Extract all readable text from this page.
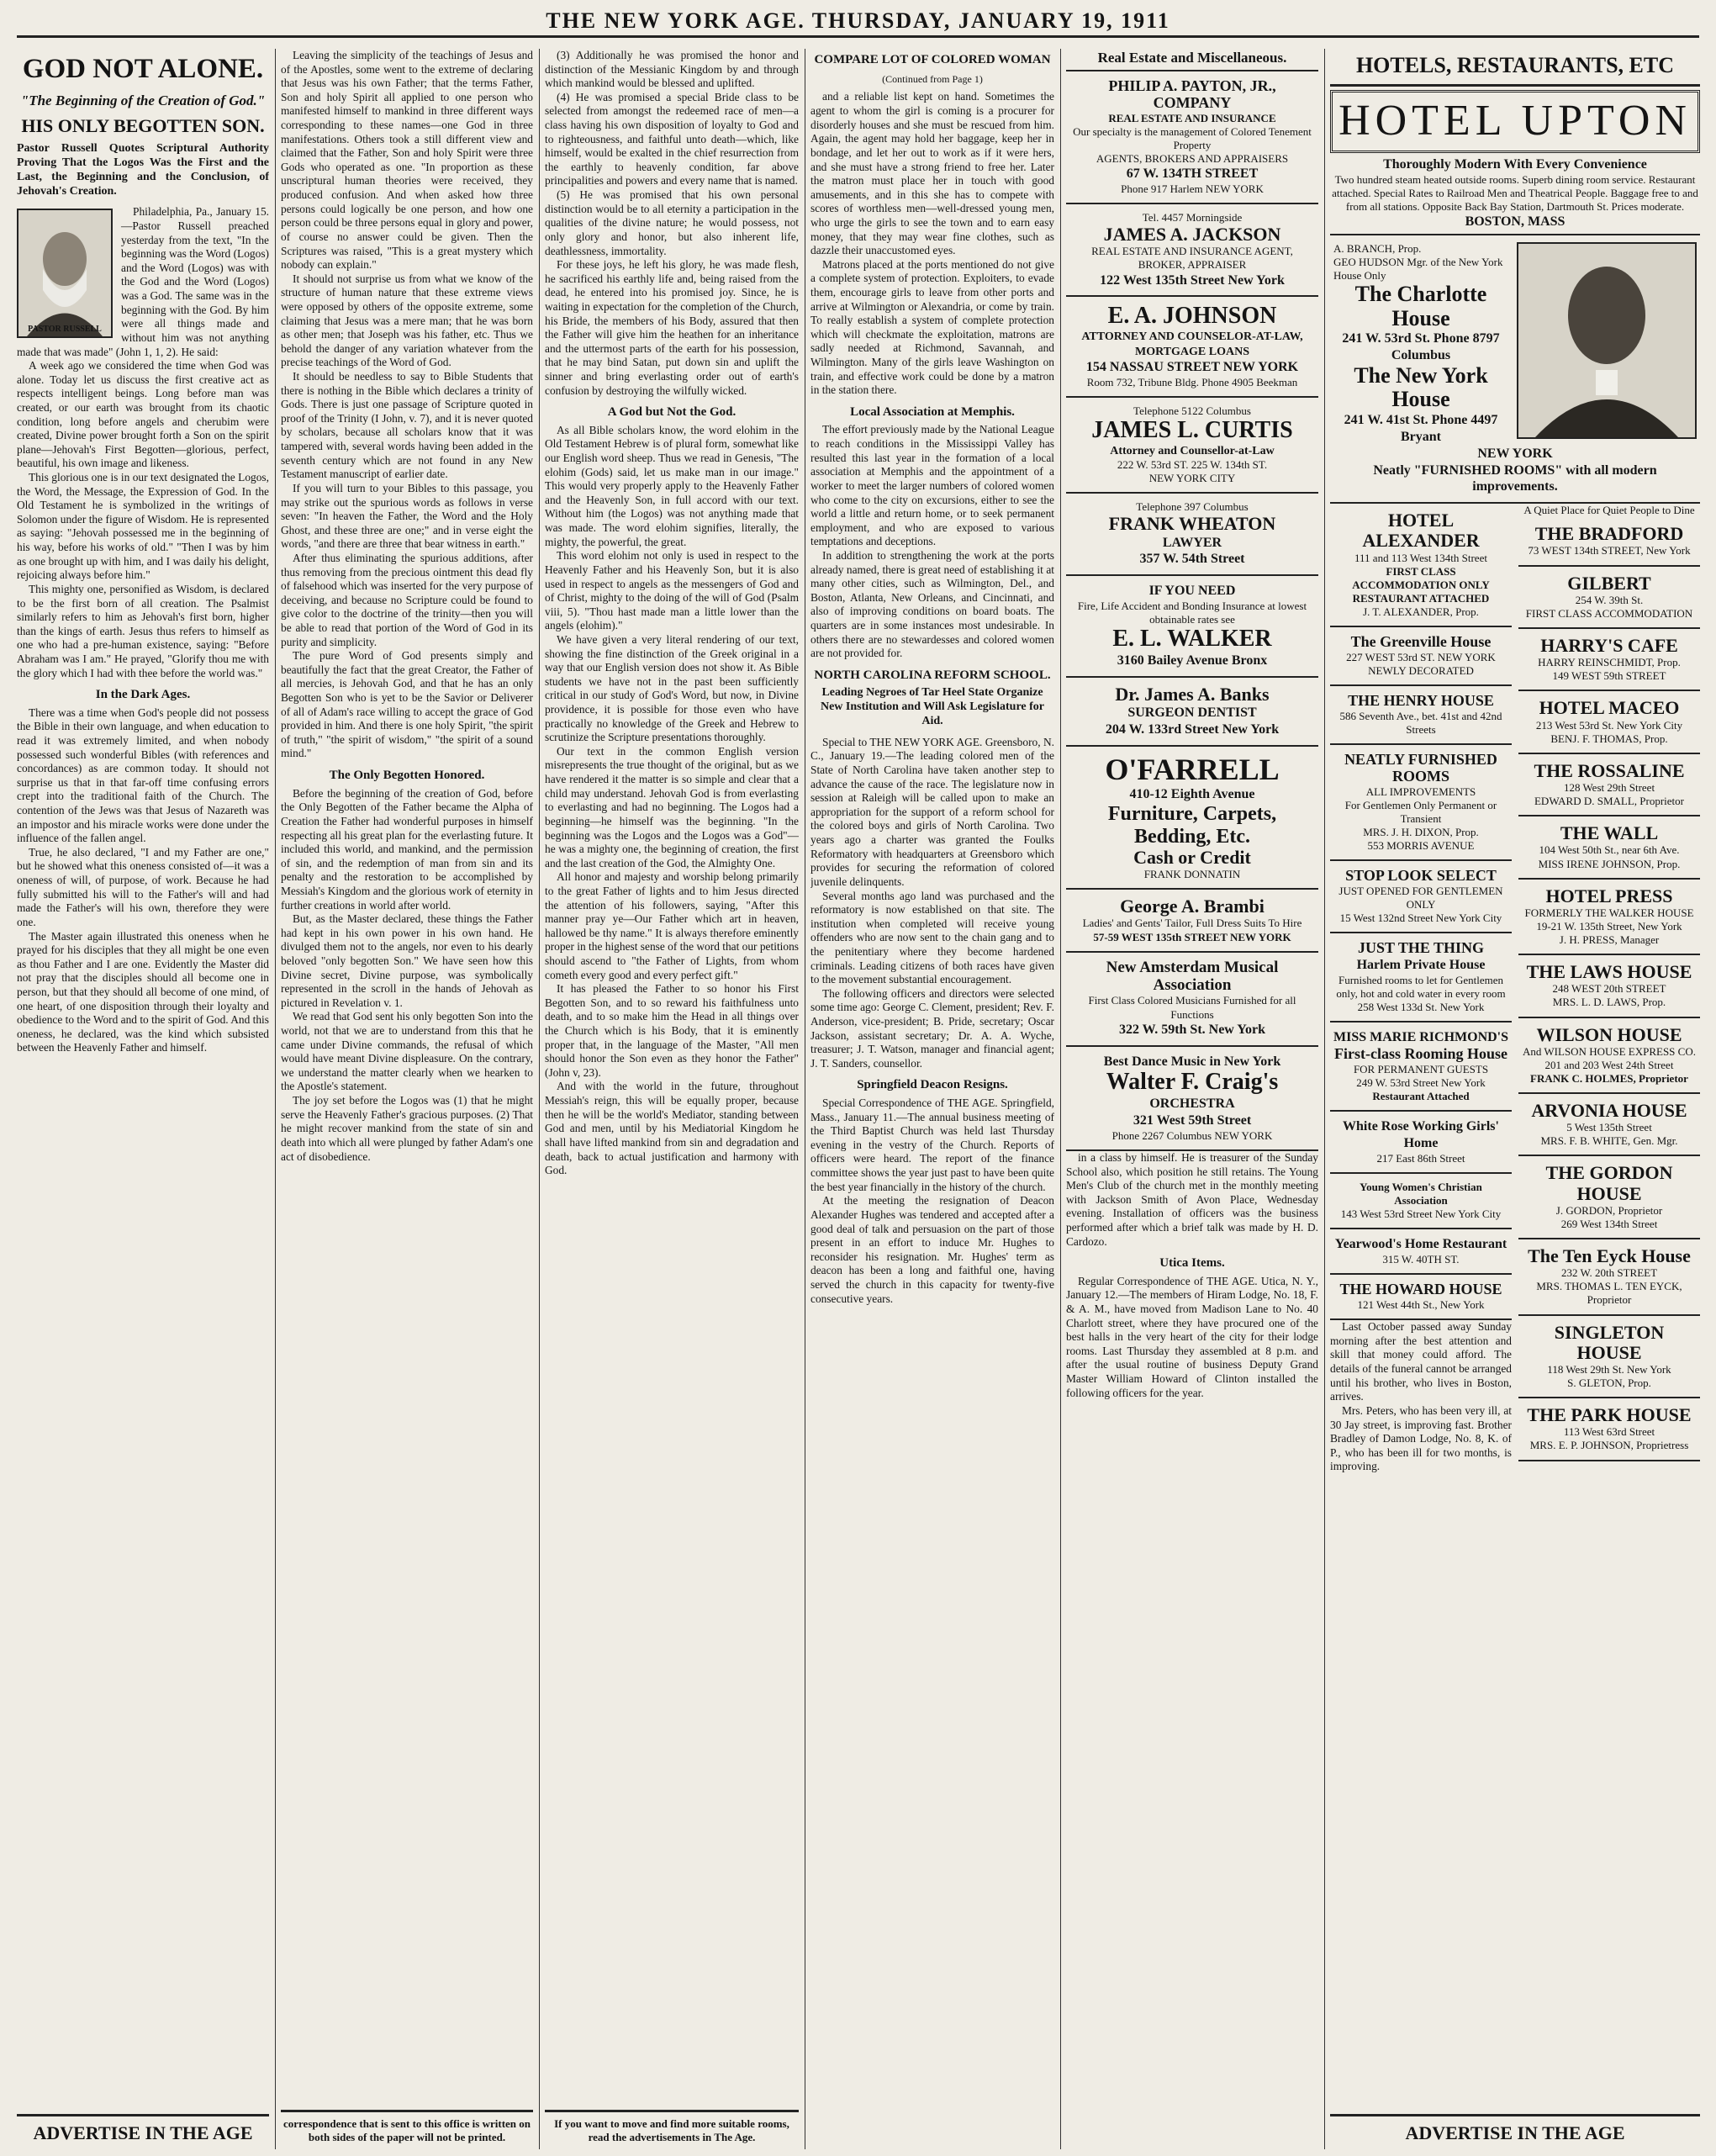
THE NEW YORK AGE. THURSDAY, JANUARY 19, 1911
GOD NOT ALONE.
"The Beginning of the Creation of God."
HIS ONLY BEGOTTEN SON.
Pastor Russell Quotes Scriptural Authority Proving That the Logos Was the First and the Last, the Beginning and the Conclusion, of Jehovah's Creation.
PASTOR RUSSELL

Philadelphia, Pa., January 15.—Pastor Russell preached yesterday from the text, "In the beginning was the Word (Logos) and the Word (Logos) was with the God and the Word (Logos) was a God. The same was in the beginning with the God. By him were all things made and without him was not anything made that was made" (John 1, 1, 2). He said:

A week ago we considered the time when God was alone. Today let us discuss the first creative act as respects intelligent beings. Long before man was created, or our earth was brought from its chaotic condition, long before angels and cherubim were created, Divine power brought forth a Son on the spirit plane—Jehovah's First Begotten—glorious, perfect, beautiful, his own image and likeness.

This glorious one is in our text designated the Logos, the Word, the Message, the Expression of God. In the Old Testament he is symbolized in the writings of Solomon under the figure of Wisdom. He is represented as saying: "Jehovah possessed me in the beginning of his way, before his works of old." "Then I was by him as one brought up with him, and I was daily his delight, rejoicing always before him."

This mighty one, personified as Wisdom, is declared to be the first born of all creation. The Psalmist similarly refers to him as Jehovah's first born, higher than the kings of earth. Jesus thus refers to himself as one who had a pre-human existence, saying: "Before Abraham was I am." He prayed, "Glorify thou me with the glory which I had with thee before the world was."

In the Dark Ages.

There was a time when God's people did not possess the Bible in their own language, and when education to read it was extremely limited, and when nobody possessed such wonderful Bibles (with references and concordances) as are common today. It should not surprise us that in that far-off time confusing errors crept into the traditional faith of the Church. The contention of the Jews was that Jesus of Nazareth was an impostor and his miracle works were done under the influence of the fallen angel.

True, he also declared, "I and my Father are one," but he showed what this oneness consisted of—it was a oneness of will, of purpose, of work. Because he had fully submitted his will to the Father's will and had made the Father's will his own, therefore they were one.

The Master again illustrated this oneness when he prayed for his disciples that they all might be one even as thou Father and I are one. Evidently the Master did not pray that the disciples should all become one in person, but that they should all become of one mind, of one heart, of one disposition through their loyalty and obedience to the Word and to the spirit of God. And this oneness, he declared, was the kind which subsisted between the Heavenly Father and himself.

ADVERTISE IN THE AGE

Leaving the simplicity of the teachings of Jesus and of the Apostles, some went to the extreme of declaring that Jesus was his own Father; that the terms Father, Son and holy Spirit all applied to one person who manifested himself to mankind in three different ways corresponding to these names—one God in three manifestations. Others took a still different view and claimed that the Father, Son and holy Spirit were three Gods who operated as one. "In proportion as these unscriptural human theories were received, they produced confusion. And when asked how three persons could logically be one person, and how one person could be three persons equal in glory and power, of course no answer could be given. Then the Scriptures was raised, "This is a great mystery which nobody can explain."

It should not surprise us from what we know of the structure of human nature that these extreme views were opposed by others of the opposite extreme, some claiming that Jesus was a mere man; that he was born as other men; that Joseph was his father, etc. Thus we behold the danger of any variation whatever from the precise teachings of the Word of God.

It should be needless to say to Bible Students that there is nothing in the Bible which declares a trinity of Gods. There is just one passage of Scripture quoted in proof of the Trinity (I John, v. 7), and it is never quoted by scholars, because all scholars know that it was tampered with, several words having been added in the seventh century which are not found in any New Testament manuscript of earlier date.

If you will turn to your Bibles to this passage, you may strike out the spurious words as follows in verse seven: "In heaven the Father, the Word and the Holy Ghost, and these three are one;" and in verse eight the words, "and there are three that bear witness in earth."

After thus eliminating the spurious additions, after thus removing from the precious ointment this dead fly of falsehood which was inserted for the very purpose of deceiving, and because no Scripture could be found to give color to the doctrine of the trinity—then you will be able to read that portion of the Word of God in its purity and simplicity.

The pure Word of God presents simply and beautifully the fact that the great Creator, the Father of all mercies, is Jehovah God, and that he has an only Begotten Son who is yet to be the Savior or Deliverer of all of Adam's race willing to accept the grace of God provided in him. And there is one holy Spirit, "the spirit of truth," "the spirit of wisdom," "the spirit of a sound mind."

The Only Begotten Honored.

Before the beginning of the creation of God, before the Only Begotten of the Father became the Alpha of Creation the Father had wonderful purposes in himself respecting all his great plan for the everlasting future. It included this world, and mankind, and the permission of sin, and the redemption of man from sin and its penalty and the restoration to be accomplished by Messiah's Kingdom and the glorious work of eternity in further creations in world after world.

But, as the Master declared, these things the Father had kept in his own power in his own hand. He divulged them not to the angels, nor even to his dearly beloved "only begotten Son." We have seen how this Divine secret, Divine purpose, was symbolically represented in the scroll in the hands of Jehovah as pictured in Revelation v. 1.

We read that God sent his only begotten Son into the world, not that we are to understand from this that he came under Divine commands, the refusal of which would have meant Divine displeasure. On the contrary, we understand the matter clearly when we hearken to the Apostle's statement.

The joy set before the Logos was (1) that he might serve the Heavenly Father's gracious purposes. (2) That he might recover mankind from the state of sin and death into which all were plunged by father Adam's one act of disobedience.

correspondence that is sent to this office is written on both sides of the paper will not be printed.

(3) Additionally he was promised the honor and distinction of the Messianic Kingdom by and through which mankind would be blessed and uplifted.

(4) He was promised a special Bride class to be selected from amongst the redeemed race of men—a class having his own disposition of loyalty to God and to righteousness, and faithful unto death—which, like himself, would be exalted in the chief resurrection from the earthly to heavenly condition, far above principalities and powers and every name that is named.

(5) He was promised that his own personal distinction would be to all eternity a participation in the qualities of the divine nature; he would possess, not only glory and honor, but also inherent life, deathlessness, immortality.

For these joys, he left his glory, he was made flesh, he sacrificed his earthly life and, being raised from the dead, he entered into his promised joy. Since, he is waiting in expectation for the completion of the Church, his Bride, the members of his Body, assured that then the Father will give him the heathen for an inheritance and the uttermost parts of the earth for his possession, that he may bind Satan, put down sin and uplift the sinner and bring everlasting order out of earth's confusion by destroying the wilfully wicked.

A God but Not the God.

As all Bible scholars know, the word elohim in the Old Testament Hebrew is of plural form, somewhat like our English word sheep. Thus we read in Genesis, "The elohim (Gods) said, let us make man in our image." This would very properly apply to the Heavenly Father and the Heavenly Son, in full accord with our text. Without him (the Logos) was not anything made that was made. The word elohim signifies, literally, the mighty, the powerful, the great.

This word elohim not only is used in respect to the Heavenly Father and his Heavenly Son, but it is also used in respect to angels as the messengers of God and of Christ, mighty to the doing of the will of God (Psalm viii, 5). "Thou hast made man a little lower than the angels (elohim)."

We have given a very literal rendering of our text, showing the fine distinction of the Greek original in a way that our English version does not show it. As Bible students we have not in the past been sufficiently critical in our study of God's Word, but now, in Divine providence, it is possible for those even who have practically no knowledge of the Greek and Hebrew to scrutinize the Scripture presentations thoroughly.

Our text in the common English version misrepresents the true thought of the original, but as we have rendered it the matter is so simple and clear that a child may understand. Jehovah God is from everlasting to everlasting and had no beginning. The Logos had a beginning—he himself was the beginning. "In the beginning was the Logos and the Logos was a God"—he was a mighty one, the beginning of creation, the first and the last creation of the God, the Almighty One.

All honor and majesty and worship belong primarily to the great Father of lights and to him Jesus directed the attention of his followers, saying, "After this manner pray ye—Our Father which art in heaven, hallowed be thy name." It is always therefore eminently proper in the highest sense of the word that our petitions should ascend to "the Father of Lights, from whom cometh every good and every perfect gift."

It has pleased the Father to so honor his First Begotten Son, and to so reward his faithfulness unto death, and to so make him the Head in all things over the Church which is his Body, that it is eminently proper that, in the language of the Master, "All men should honor the Son even as they honor the Father" (John v, 23).

And with the world in the future, throughout Messiah's reign, this will be equally proper, because then he will be the world's Mediator, standing between God and men, until by his Mediatorial Kingdom he shall have lifted mankind from sin and degradation and death, back to actual justification and harmony with God.

If you want to move and find more suitable rooms, read the advertisements in The Age.
COMPARE LOT OF COLORED WOMAN
(Continued from Page 1)

and a reliable list kept on hand. Sometimes the agent to whom the girl is coming is a procurer for disorderly houses and she must be rescued from him. Again, the agent may hold her baggage, keep her in bondage, and let her out to work as if it were hers, and she must have a strong friend to free her. Later the matron must place her in touch with good amusements, and in this she has to compete with scores of worthless men—well-dressed young men, who urge the girls to see the town and to earn easy money, that they may wear fine clothes, such as dazzle their unaccustomed eyes.

Matrons placed at the ports mentioned do not give a complete system of protection. Exploiters, to evade them, encourage girls to leave from other ports and arrive at Wilmington or Alexandria, or come by train. To really establish a system of complete protection which will checkmate the exploitation, matrons are sadly needed at Richmond, Savannah, and Wilmington. Many of the girls leave Washington on train, and effective work could be done by a matron in the station there.

Local Association at Memphis.

The effort previously made by the National League to reach conditions in the Mississippi Valley has resulted this last year in the formation of a local association at Memphis and the appointment of a worker to meet the larger numbers of colored women who come to the city on excursions, either to see the world a little and return home, or to seek permanent employment, and who are exposed to various temptations and deceptions.

In addition to strengthening the work at the ports already named, there is great need of establishing it at many other cities, such as Wilmington, Del., and Boston, Atlanta, New Orleans, and Cincinnati, and also of improving conditions on board boats. The quarters are in some instances most undesirable. In others there are no stewardesses and colored women are not provided for.

NORTH CAROLINA REFORM SCHOOL.
Leading Negroes of Tar Heel State Organize New Institution and Will Ask Legislature for Aid.

Special to THE NEW YORK AGE. Greensboro, N. C., January 19.—The leading colored men of the State of North Carolina have taken another step to advance the cause of the race. The legislature now in session at Raleigh will be called upon to make an appropriation for the support of a reform school for the colored boys and girls of North Carolina. Two years ago a charter was granted the Foulks Reformatory with headquarters at Greensboro which provides for securing the reformation of colored juvenile delinquents.

Several months ago land was purchased and the reformatory is now established on that site. The institution when completed will receive young offenders who are now sent to the chain gang and to the penitentiary where they become hardened criminals. Leading citizens of both races have given to the movement substantial encouragement.

The following officers and directors were selected some time ago: George C. Clement, president; Rev. F. Anderson, vice-president; B. Pride, secretary; Oscar Jackson, assistant secretary; Dr. A. A. Wyche, treasurer; J. T. Watson, manager and financial agent; J. T. Sanders, counsellor.

Springfield Deacon Resigns.

Special Correspondence of THE AGE. Springfield, Mass., January 11.—The annual business meeting of the Third Baptist Church was held last Thursday evening in the vestry of the Church. Reports of officers were heard. The report of the finance committee shows the year just past to have been quite the best year financially in the history of the church.

At the meeting the resignation of Deacon Alexander Hughes was tendered and accepted after a good deal of talk and persuasion on the part of those present in an effort to induce Mr. Hughes to reconsider his resignation. Mr. Hughes' term as deacon has been a long and faithful one, having served the church in this capacity for twenty-five consecutive years.

Real Estate and Miscellaneous.
PHILIP A. PAYTON, JR., COMPANY
REAL ESTATE AND INSURANCE
Our specialty is the management of Colored Tenement Property
AGENTS, BROKERS AND APPRAISERS
67 W. 134TH STREET
Phone 917 Harlem NEW YORK
Tel. 4457 Morningside
JAMES A. JACKSON
REAL ESTATE AND INSURANCE AGENT, BROKER, APPRAISER
122 West 135th Street New York
E. A. JOHNSON
ATTORNEY AND COUNSELOR-AT-LAW, MORTGAGE LOANS
154 NASSAU STREET NEW YORK
Room 732, Tribune Bldg. Phone 4905 Beekman
Telephone 5122 Columbus
JAMES L. CURTIS
Attorney and Counsellor-at-Law
222 W. 53rd ST. 225 W. 134th ST.
NEW YORK CITY
Telephone 397 Columbus
FRANK WHEATON
LAWYER
357 W. 54th Street
IF YOU NEED
Fire, Life Accident and Bonding Insurance at lowest obtainable rates see
E. L. WALKER
3160 Bailey Avenue Bronx
Dr. James A. Banks
SURGEON DENTIST
204 W. 133rd Street New York
O'FARRELL
410-12 Eighth Avenue
Furniture, Carpets, Bedding, Etc.
Cash or Credit
FRANK DONNATIN
George A. Brambi
Ladies' and Gents' Tailor, Full Dress Suits To Hire
57-59 WEST 135th STREET NEW YORK
New Amsterdam Musical Association
First Class Colored Musicians Furnished for all Functions
322 W. 59th St. New York
Best Dance Music in New York
Walter F. Craig's
ORCHESTRA
321 West 59th Street
Phone 2267 Columbus NEW YORK

in a class by himself. He is treasurer of the Sunday School also, which position he still retains. The Young Men's Club of the church met in the monthly meeting with Jackson Smith of Avon Place, Wednesday evening. Installation of officers was the business performed after which a brief talk was made by H. D. Cardozo.

Utica Items.

Regular Correspondence of THE AGE. Utica, N. Y., January 12.—The members of Hiram Lodge, No. 18, F. & A. M., have moved from Madison Lane to No. 40 Charlott street, where they have procured one of the best halls in the very heart of the city for their lodge rooms. Last Thursday they assembled at 8 p.m. and after the usual routine of business Deputy Grand Master William Howard of Clinton installed the following officers for the year.

HOTELS, RESTAURANTS, ETC
HOTEL UPTON
Thoroughly Modern With Every Convenience
Two hundred steam heated outside rooms. Superb dining room service. Restaurant attached. Special Rates to Railroad Men and Theatrical People. Baggage free to and from all stations. Opposite Back Bay Station, Dartmouth St. Prices moderate.
BOSTON, MASS
A. BRANCH, Prop.
GEO HUDSON Mgr. of the New York House Only
The Charlotte House
241 W. 53rd St. Phone 8797 Columbus
The New York House
241 W. 41st St. Phone 4497 Bryant
NEW YORK
Neatly "FURNISHED ROOMS" with all modern improvements.
HOTEL ALEXANDER
111 and 113 West 134th Street
FIRST CLASS ACCOMMODATION ONLY
RESTAURANT ATTACHED
J. T. ALEXANDER, Prop.
The Greenville House
227 WEST 53rd ST. NEW YORK
NEWLY DECORATED
THE HENRY HOUSE
586 Seventh Ave., bet. 41st and 42nd Streets
NEATLY FURNISHED ROOMS
ALL IMPROVEMENTS
For Gentlemen Only Permanent or Transient
MRS. J. H. DIXON, Prop.
553 MORRIS AVENUE
STOP LOOK SELECT
JUST OPENED FOR GENTLEMEN ONLY
15 West 132nd Street New York City
JUST THE THING
Harlem Private House
Furnished rooms to let for Gentlemen only, hot and cold water in every room
258 West 133d St. New York
MISS MARIE RICHMOND'S
First-class Rooming House
FOR PERMANENT GUESTS
249 W. 53rd Street New York
Restaurant Attached
White Rose Working Girls' Home
217 East 86th Street
Young Women's Christian Association
143 West 53rd Street New York City
Yearwood's Home Restaurant
315 W. 40TH ST.
THE HOWARD HOUSE
121 West 44th St., New York

Last October passed away Sunday morning after the best attention and skill that money could afford. The details of the funeral cannot be arranged until his brother, who lives in Boston, arrives.

Mrs. Peters, who has been very ill, at 30 Jay street, is improving fast. Brother Bradley of Damon Lodge, No. 8, K. of P., who has been ill for two months, is improving.

A Quiet Place for Quiet People to Dine
THE BRADFORD
73 WEST 134th STREET, New York
GILBERT
254 W. 39th St.
FIRST CLASS ACCOMMODATION
HARRY'S CAFE
HARRY REINSCHMIDT, Prop.
149 WEST 59th STREET
HOTEL MACEO
213 West 53rd St. New York City
BENJ. F. THOMAS, Prop.
THE ROSSALINE
128 West 29th Street
EDWARD D. SMALL, Proprietor
THE WALL
104 West 50th St., near 6th Ave.
MISS IRENE JOHNSON, Prop.
HOTEL PRESS
FORMERLY THE WALKER HOUSE
19-21 W. 135th Street, New York
J. H. PRESS, Manager
THE LAWS HOUSE
248 WEST 20th STREET
MRS. L. D. LAWS, Prop.
WILSON HOUSE
And WILSON HOUSE EXPRESS CO.
201 and 203 West 24th Street
FRANK C. HOLMES, Proprietor
ARVONIA HOUSE
5 West 135th Street
MRS. F. B. WHITE, Gen. Mgr.
THE GORDON HOUSE
J. GORDON, Proprietor
269 West 134th Street
The Ten Eyck House
232 W. 20th STREET
MRS. THOMAS L. TEN EYCK, Proprietor
SINGLETON HOUSE
118 West 29th St. New York
S. GLETON, Prop.
THE PARK HOUSE
113 West 63rd Street
MRS. E. P. JOHNSON, Proprietress
ADVERTISE IN THE AGE
